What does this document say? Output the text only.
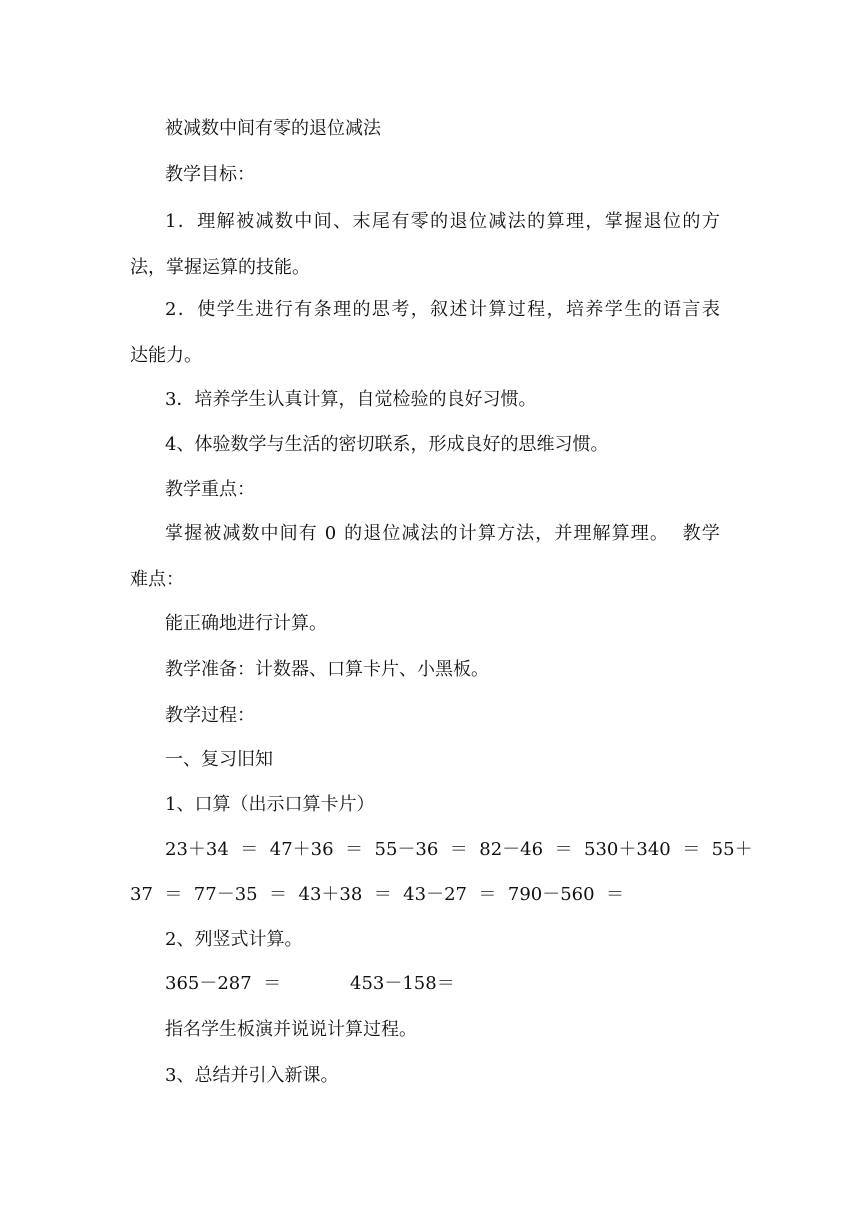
被减数中间有零的退位减法
教学目标：
1 ． 理 解 被 减 数 中 间 、 末 尾 有 零 的 退 位 减 法 的 算 理 ， 掌 握 退 位 的 方
法，掌握运算的技能。
2 ． 使 学 生 进 行 有 条 理 的 思 考 ， 叙 述 计 算 过 程 ， 培 养 学 生 的 语 言 表
达能力。
3．培养学生认真计算，自觉检验的良好习惯。
4、体验数学与生活的密切联系，形成良好的思维习惯。
教学重点：
掌 握 被 减 数 中 间 有
0
的 退 位 减 法 的 计 算 方 法 ， 并 理 解 算 理 。

教 学
难点：
能正确地进行计算。
教学准备：计数器、口算卡片、小黑板。
教学过程：
一、复习旧知
1、口算（出示口算卡片）
2 3 ＋ 3 4

＝

4 7 ＋ 3 6

＝

5 5 － 3 6

＝

8 2 － 4 6

＝

5 3 0 ＋ 3 4 0

＝

5 5 ＋
37  ＝  77－35  ＝  43＋38  ＝  43－27  ＝  790－560  ＝
2、列竖式计算。
365－287  ＝	453－158＝
指名学生板演并说说计算过程。
3、总结并引入新课。
